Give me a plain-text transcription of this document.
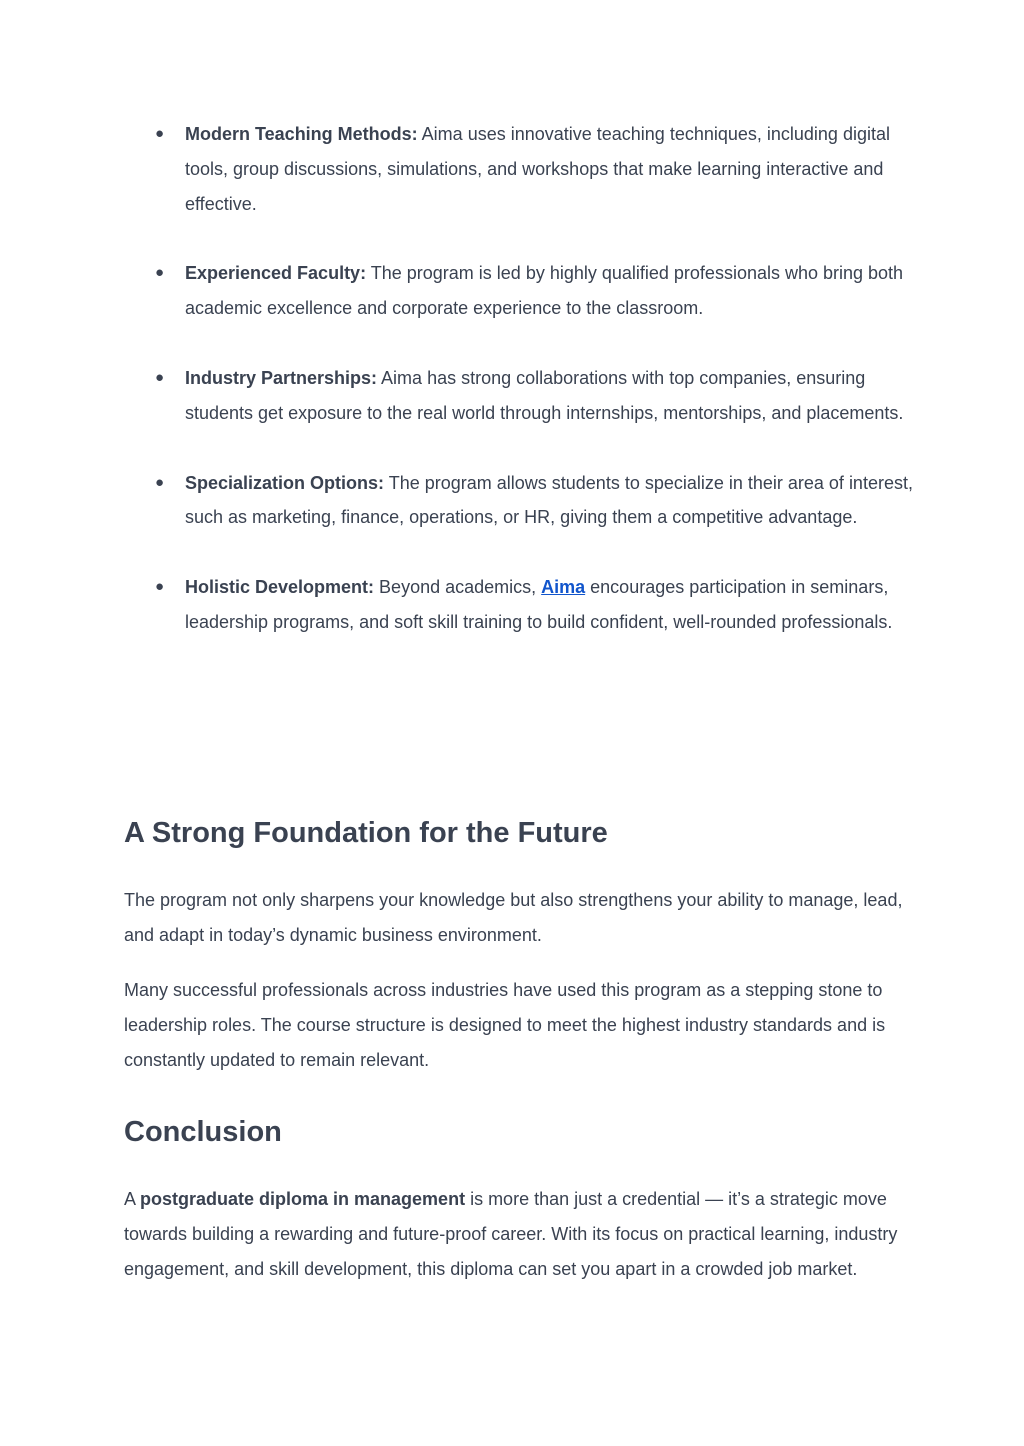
● Modern Teaching Methods: Aima uses innovative teaching techniques, including digital tools, group discussions, simulations, and workshops that make learning interactive and effective.
● Experienced Faculty: The program is led by highly qualified professionals who bring both academic excellence and corporate experience to the classroom.
● Industry Partnerships: Aima has strong collaborations with top companies, ensuring students get exposure to the real world through internships, mentorships, and placements.
● Specialization Options: The program allows students to specialize in their area of interest, such as marketing, finance, operations, or HR, giving them a competitive advantage.
● Holistic Development: Beyond academics, Aima encourages participation in seminars, leadership programs, and soft skill training to build confident, well-rounded professionals.
A Strong Foundation for the Future

The program not only sharpens your knowledge but also strengthens your ability to manage, lead, and adapt in today’s dynamic business environment.

Many successful professionals across industries have used this program as a stepping stone to leadership roles. The course structure is designed to meet the highest industry standards and is constantly updated to remain relevant.

Conclusion

A postgraduate diploma in management is more than just a credential — it’s a strategic move towards building a rewarding and future-proof career. With its focus on practical learning, industry engagement, and skill development, this diploma can set you apart in a crowded job market.
